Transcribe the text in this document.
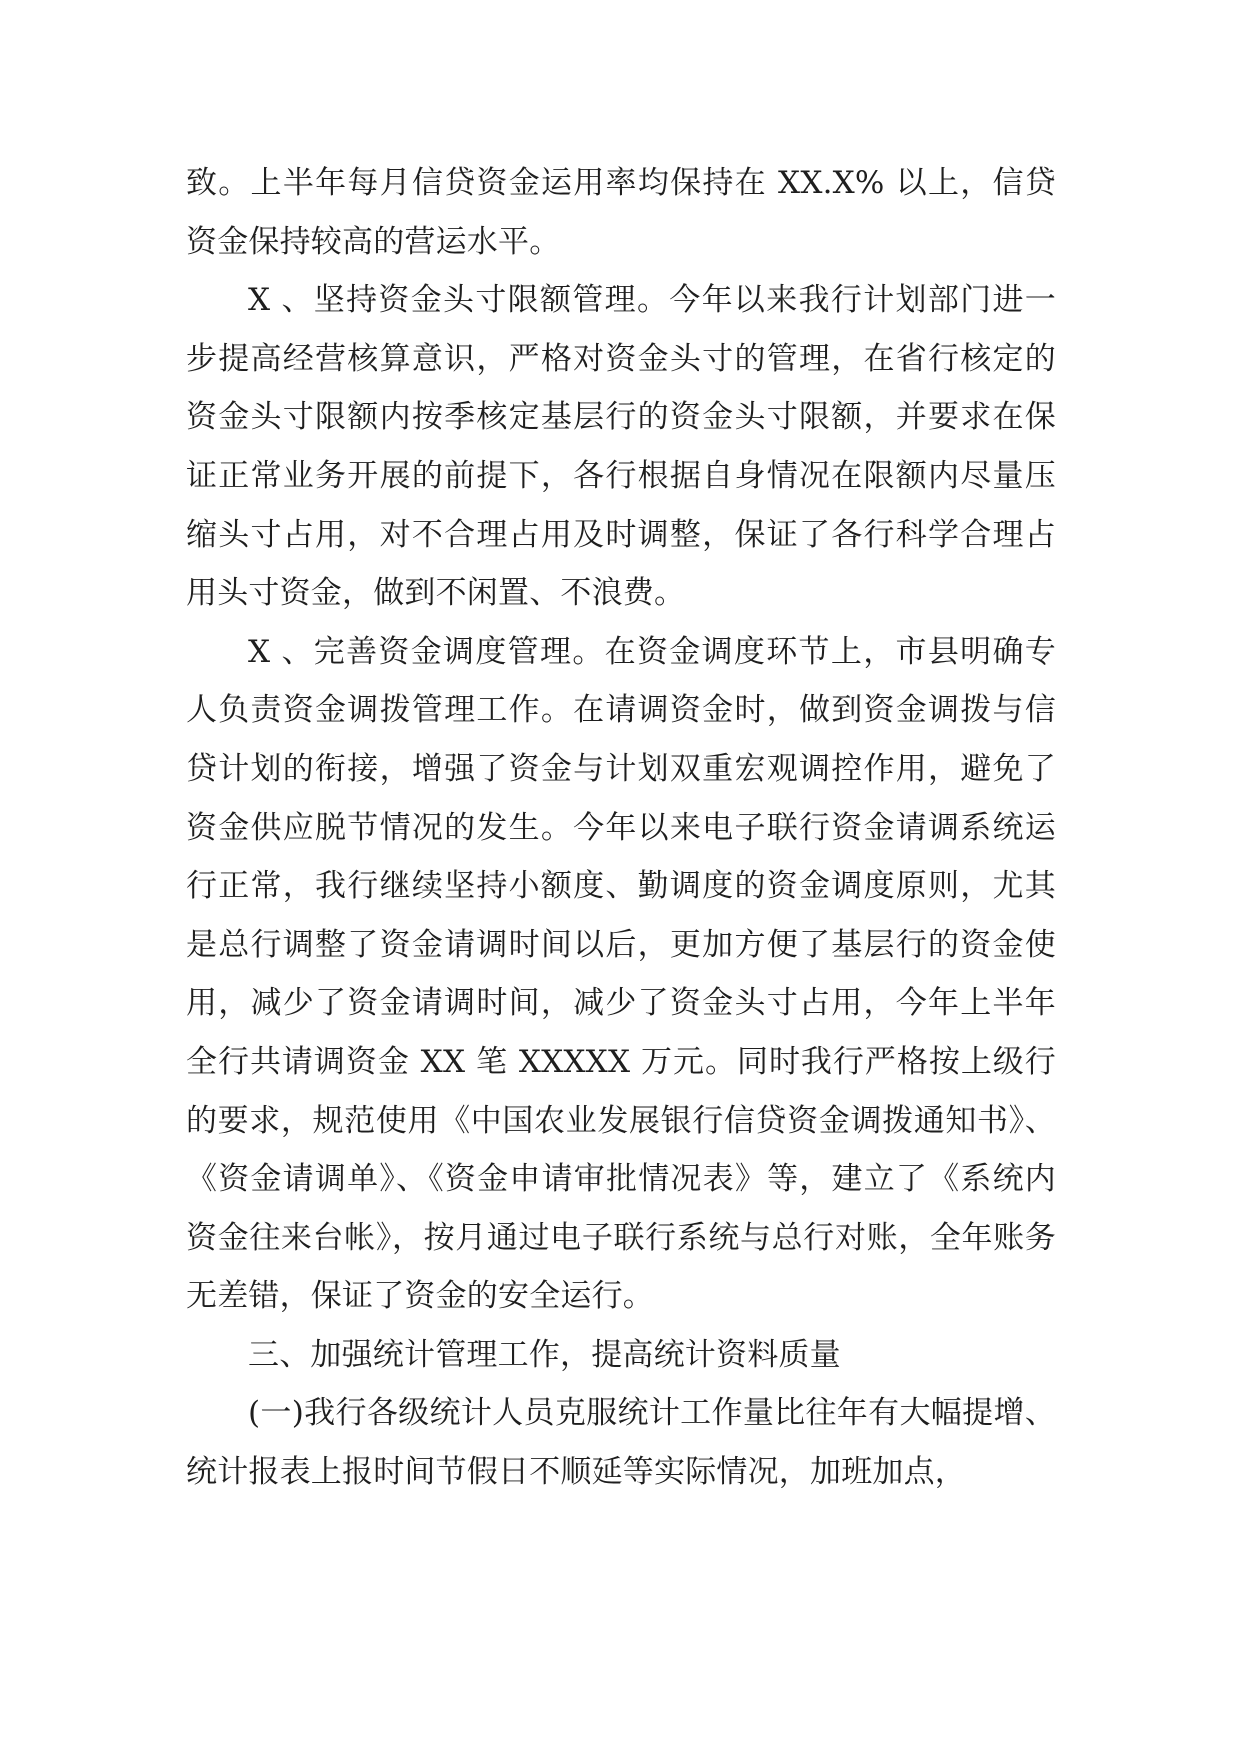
致。上半年每月信贷资金运用率均保持在 XX.X% 以上，信贷资金保持较高的营运水平。

X 、坚持资金头寸限额管理。今年以来我行计划部门进一步提高经营核算意识，严格对资金头寸的管理，在省行核定的资金头寸限额内按季核定基层行的资金头寸限额，并要求在保证正常业务开展的前提下，各行根据自身情况在限额内尽量压缩头寸占用，对不合理占用及时调整，保证了各行科学合理占用头寸资金，做到不闲置、不浪费。

X 、完善资金调度管理。在资金调度环节上，市县明确专人负责资金调拨管理工作。在请调资金时，做到资金调拨与信贷计划的衔接，增强了资金与计划双重宏观调控作用，避免了资金供应脱节情况的发生。今年以来电子联行资金请调系统运行正常，我行继续坚持小额度、勤调度的资金调度原则，尤其是总行调整了资金请调时间以后，更加方便了基层行的资金使用，减少了资金请调时间，减少了资金头寸占用，今年上半年全行共请调资金 XX 笔 XXXXX 万元。同时我行严格按上级行的要求，规范使用《中国农业发展银行信贷资金调拨通知书》、《资金请调单》、《资金申请审批情况表》等，建立了《系统内资金往来台帐》，按月通过电子联行系统与总行对账，全年账务无差错，保证了资金的安全运行。

三、加强统计管理工作，提高统计资料质量

(一)我行各级统计人员克服统计工作量比往年有大幅提增、统计报表上报时间节假日不顺延等实际情况，加班加点，
